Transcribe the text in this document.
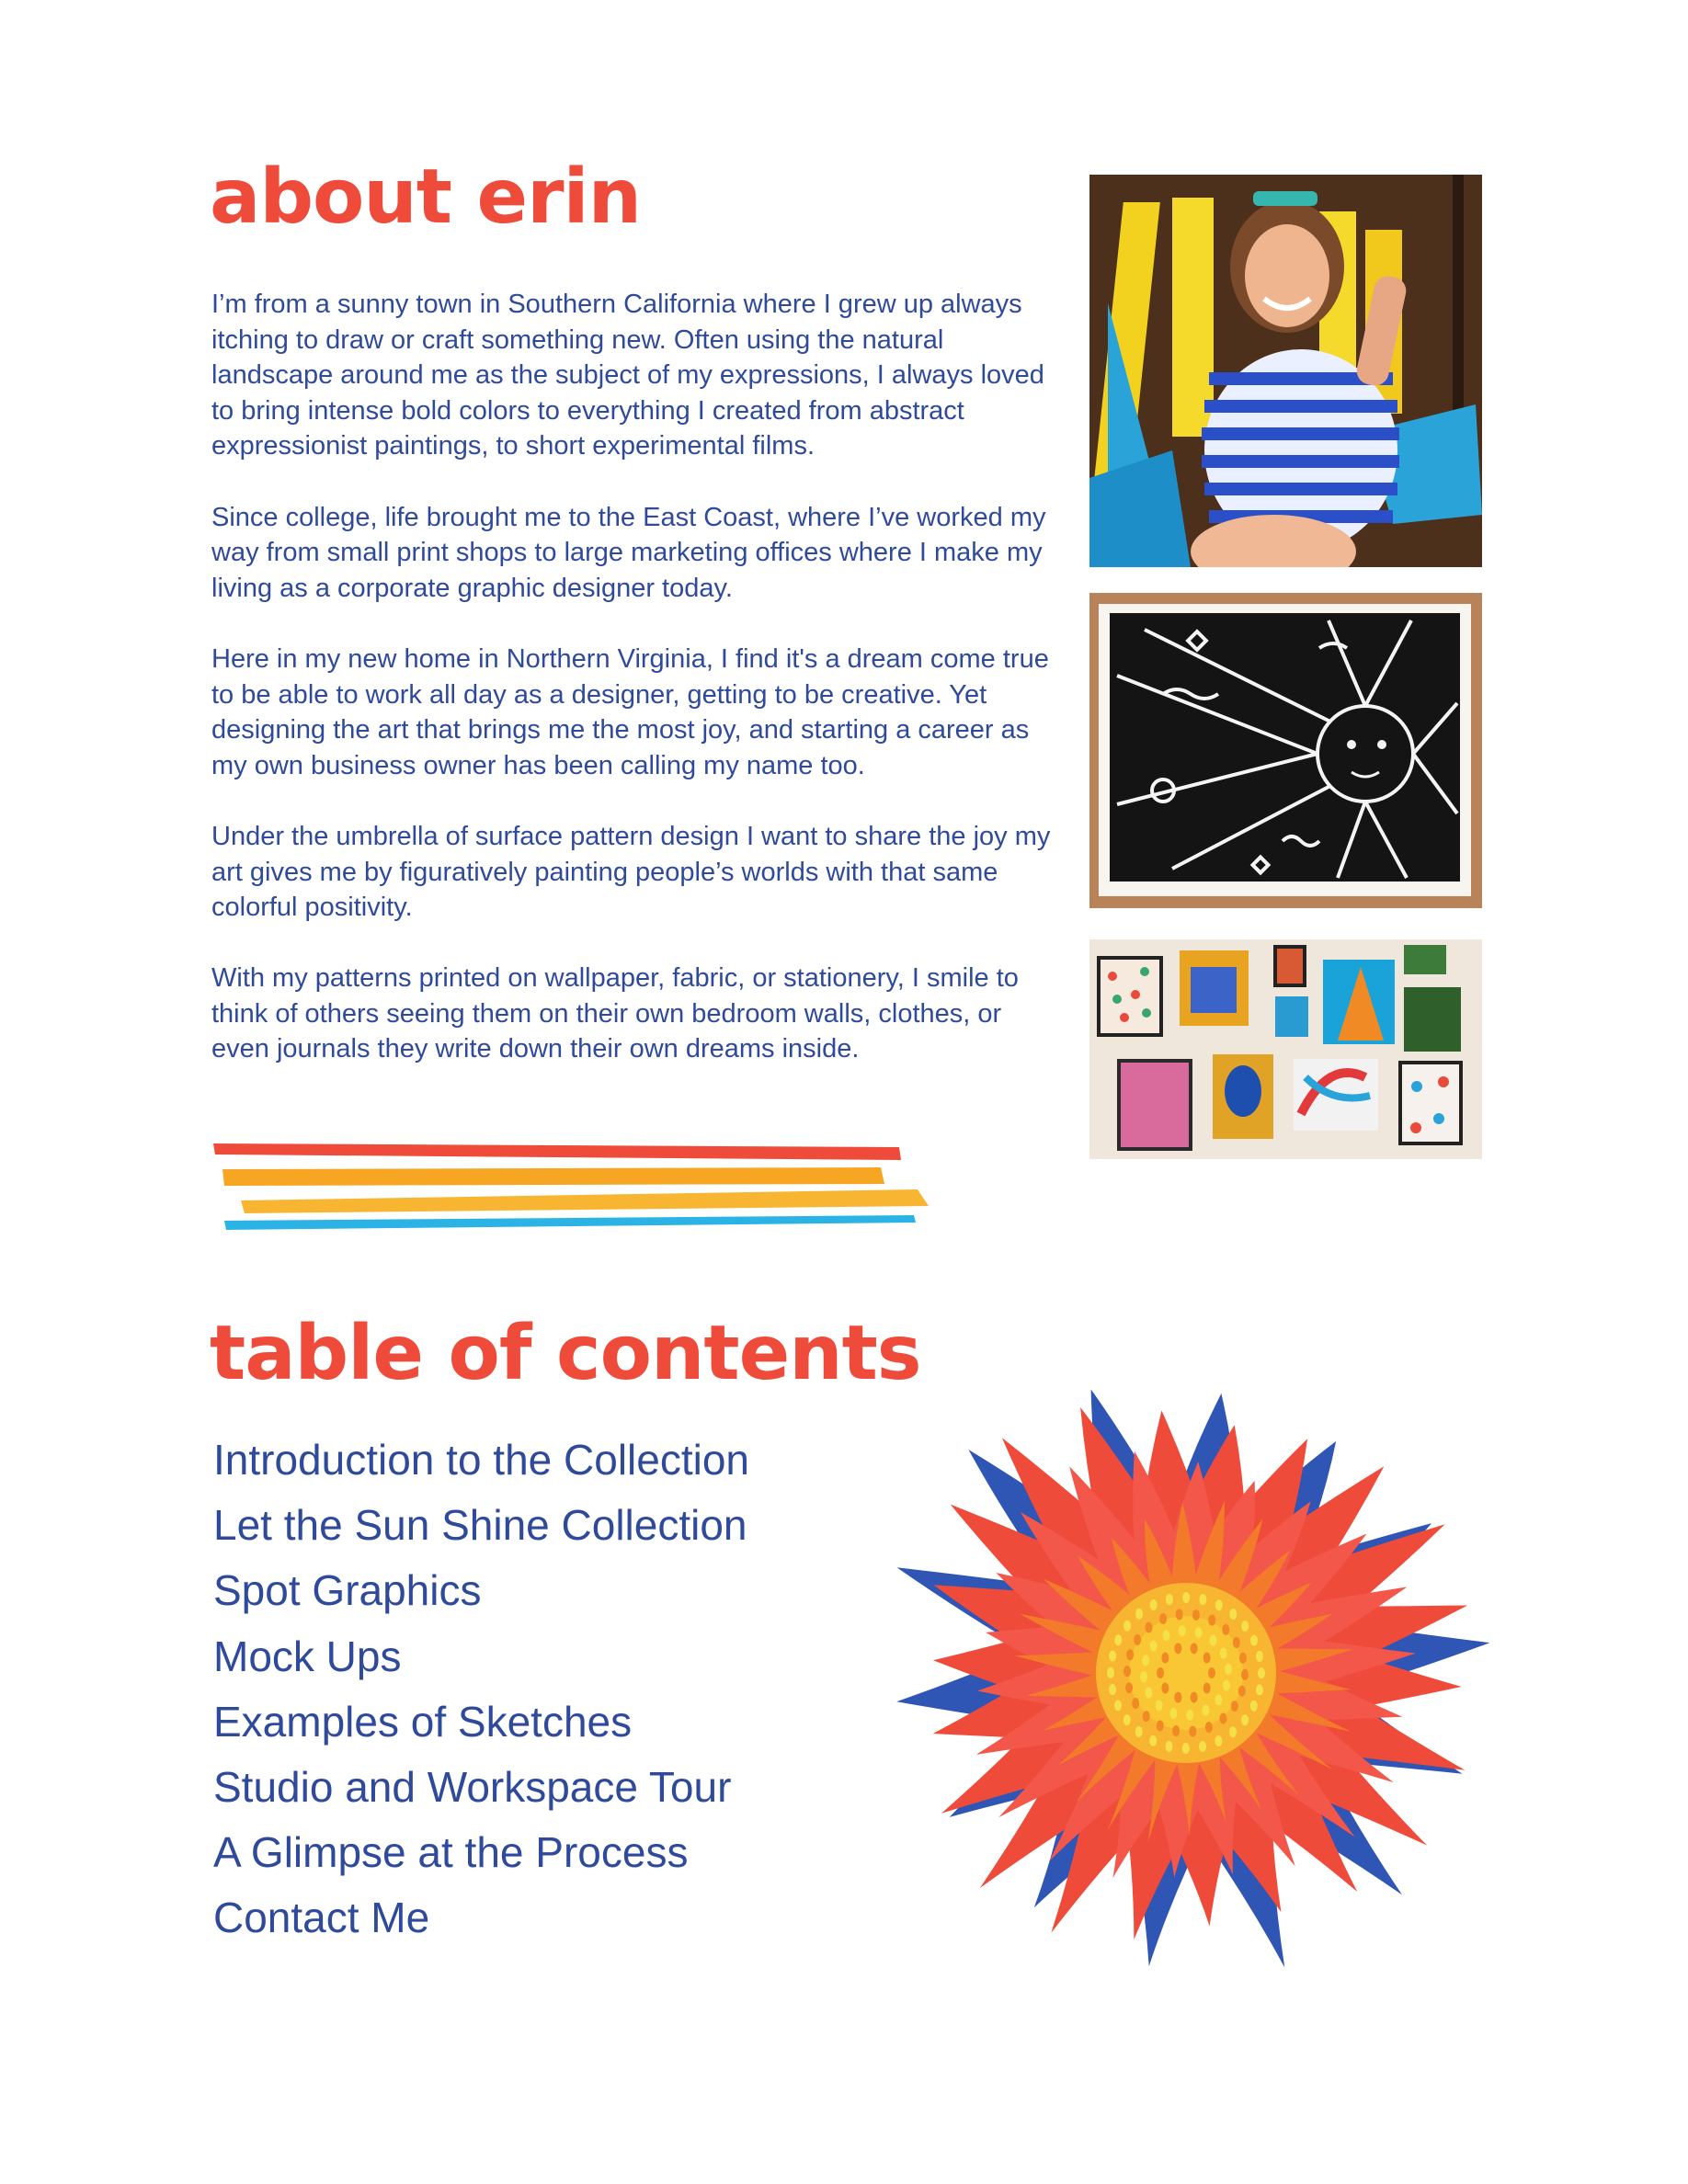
about erin

I’m from a sunny town in Southern California where I grew up always itching to draw or craft something new. Often using the natural landscape around me as the subject of my expressions, I always loved to bring intense bold colors to everything I created from abstract expressionist paintings, to short experimental films.

Since college, life brought me to the East Coast, where I’ve worked my way from small print shops to large marketing offices where I make my living as a corporate graphic designer today.

Here in my new home in Northern Virginia, I find it's a dream come true to be able to work all day as a designer, getting to be creative. Yet designing the art that brings me the most joy, and starting a career as my own business owner has been calling my name too.

Under the umbrella of surface pattern design I want to share the joy my art gives me by figuratively painting people’s worlds with that same colorful positivity.

With my patterns printed on wallpaper, fabric, or stationery, I smile to think of others seeing them on their own bedroom walls, clothes, or even journals they write down their own dreams inside.

table of contents
Introduction to the Collection
Let the Sun Shine Collection
Spot Graphics
Mock Ups
Examples of Sketches
Studio and Workspace Tour
A Glimpse at the Process
Contact Me
